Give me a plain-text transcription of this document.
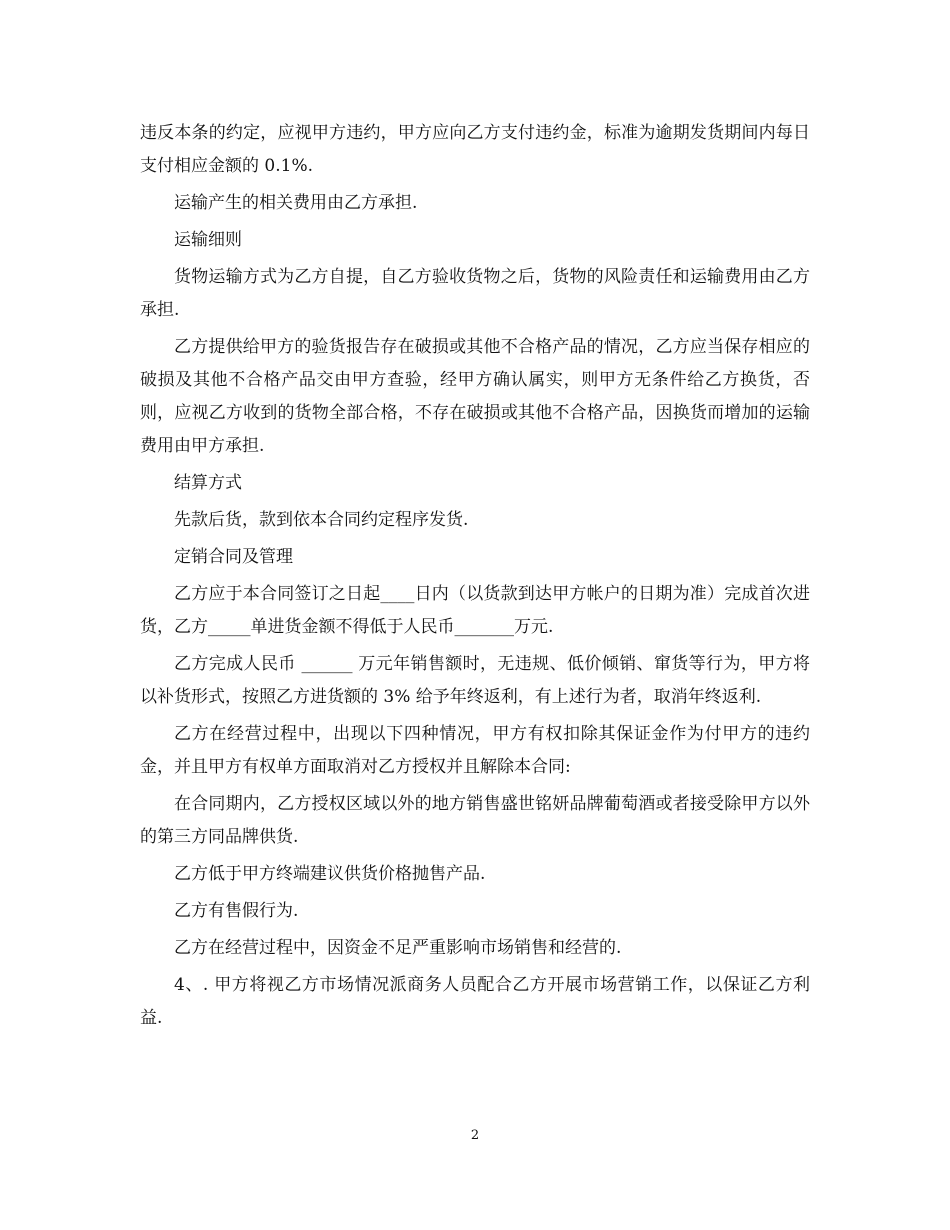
违反本条的约定，应视甲方违约，甲方应向乙方支付违约金，标准为逾期发货期间内每日支付相应金额的 0.1%.

运输产生的相关费用由乙方承担.

运输细则

货物运输方式为乙方自提，自乙方验收货物之后，货物的风险责任和运输费用由乙方承担.

乙方提供给甲方的验货报告存在破损或其他不合格产品的情况，乙方应当保存相应的破损及其他不合格产品交由甲方查验，经甲方确认属实，则甲方无条件给乙方换货，否则，应视乙方收到的货物全部合格，不存在破损或其他不合格产品，因换货而增加的运输费用由甲方承担.

结算方式

先款后货，款到依本合同约定程序发货.

定销合同及管理

乙方应于本合同签订之日起____日内（以货款到达甲方帐户的日期为准）完成首次进货，乙方_____单进货金额不得低于人民币_______万元.

乙方完成人民币 ______ 万元年销售额时，无违规、低价倾销、窜货等行为，甲方将以补货形式，按照乙方进货额的 3% 给予年终返利，有上述行为者，取消年终返利.

乙方在经营过程中，出现以下四种情况，甲方有权扣除其保证金作为付甲方的违约金，并且甲方有权单方面取消对乙方授权并且解除本合同:

在合同期内，乙方授权区域以外的地方销售盛世铭妍品牌葡萄酒或者接受除甲方以外的第三方同品牌供货.

乙方低于甲方终端建议供货价格抛售产品.

乙方有售假行为.

乙方在经营过程中，因资金不足严重影响市场销售和经营的.

4、. 甲方将视乙方市场情况派商务人员配合乙方开展市场营销工作，以保证乙方利益.

2
